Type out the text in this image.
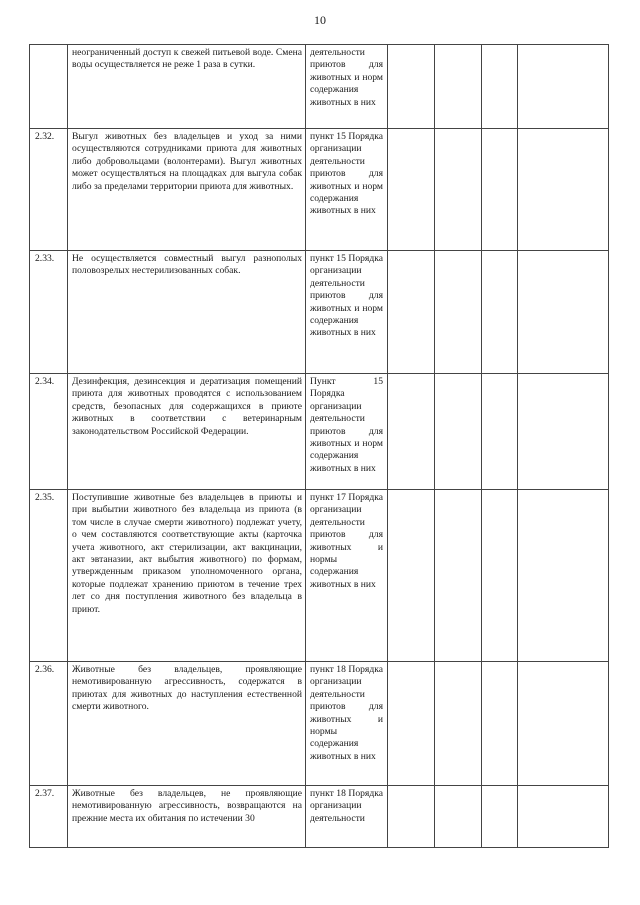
10
	неограниченный доступ к свежей питьевой воде. Смена воды осуществляется не реже 1 раза в сутки.	деятельности приютов для животных и норм содержания животных в них				
2.32.	Выгул животных без владельцев и уход за ними осуществляются сотрудниками приюта для животных либо добровольцами (волонтерами). Выгул животных может осуществляться на площадках для выгула собак либо за пределами территории приюта для животных.	пункт 15 Порядка организации деятельности приютов для животных и норм содержания животных в них				
2.33.	Не осуществляется совместный выгул разнополых половозрелых нестерилизованных собак.	пункт 15 Порядка организации деятельности приютов для животных и норм содержания животных в них				
2.34.	Дезинфекция, дезинсекция и дератизация помещений приюта для животных проводятся с использованием средств, безопасных для содержащихся в приюте животных в соответствии с ветеринарным законодательством Российской Федерации.	Пункт 15 Порядка организации деятельности приютов для животных и норм содержания животных в них				
2.35.	Поступившие животные без владельцев в приюты и при выбытии животного без владельца из приюта (в том числе в случае смерти животного) подлежат учету, о чем составляются соответствующие акты (карточка учета животного, акт стерилизации, акт вакцинации, акт эвтаназии, акт выбытия животного) по формам, утвержденным приказом уполномоченного органа, которые подлежат хранению приютом в течение трех лет со дня поступления животного без владельца в приют.	пункт 17 Порядка организации деятельности приютов для животных и нормы содержания животных в них				
2.36.	Животные без владельцев, проявляющие немотивированную агрессивность, содержатся в приютах для животных до наступления естественной смерти животного.	пункт 18 Порядка организации деятельности приютов для животных и нормы содержания животных в них				
2.37.	Животные без владельцев, не проявляющие немотивированную агрессивность, возвращаются на прежние места их обитания по истечении 30	пункт 18 Порядка организации деятельности				
